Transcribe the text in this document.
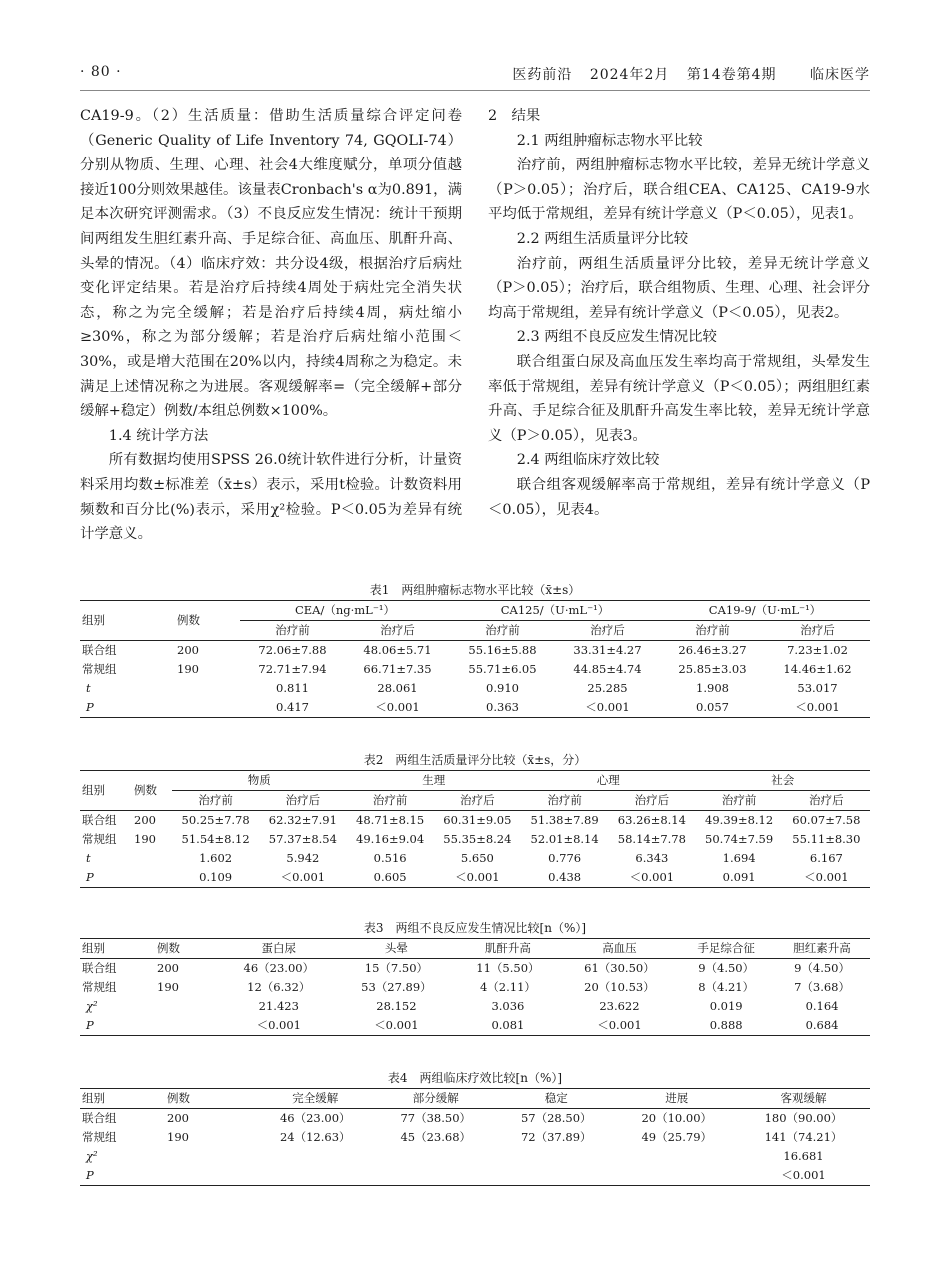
· 80 ·	医药前沿 2024年2月 第14卷第4期 临床医学

CA19-9。（2）生活质量：借助生活质量综合评定问卷（Generic Quality of Life Inventory 74, GQOLI-74）分别从物质、生理、心理、社会4大维度赋分，单项分值越接近100分则效果越佳。该量表Cronbach's α为0.891，满足本次研究评测需求。（3）不良反应发生情况：统计干预期间两组发生胆红素升高、手足综合征、高血压、肌酐升高、头晕的情况。（4）临床疗效：共分设4级，根据治疗后病灶变化评定结果。若是治疗后持续4周处于病灶完全消失状态，称之为完全缓解；若是治疗后持续4周，病灶缩小≥30%，称之为部分缓解；若是治疗后病灶缩小范围＜30%，或是增大范围在20%以内，持续4周称之为稳定。未满足上述情况称之为进展。客观缓解率=（完全缓解+部分缓解+稳定）例数/本组总例数×100%。

1.4 统计学方法

所有数据均使用SPSS 26.0统计软件进行分析，计量资料采用均数±标准差（x̄±s）表示，采用t检验。计数资料用频数和百分比(%)表示，采用χ²检验。P＜0.05为差异有统计学意义。

2　结果

2.1 两组肿瘤标志物水平比较

治疗前，两组肿瘤标志物水平比较，差异无统计学意义（P＞0.05）；治疗后，联合组CEA、CA125、CA19-9水平均低于常规组，差异有统计学意义（P＜0.05），见表1。

2.2 两组生活质量评分比较

治疗前，两组生活质量评分比较，差异无统计学意义（P＞0.05）；治疗后，联合组物质、生理、心理、社会评分均高于常规组，差异有统计学意义（P＜0.05），见表2。

2.3 两组不良反应发生情况比较

联合组蛋白尿及高血压发生率均高于常规组，头晕发生率低于常规组，差异有统计学意义（P＜0.05）；两组胆红素升高、手足综合征及肌酐升高发生率比较，差异无统计学意义（P＞0.05），见表3。

2.4 两组临床疗效比较

联合组客观缓解率高于常规组，差异有统计学意义（P＜0.05），见表4。

表1　两组肿瘤标志物水平比较（x̄±s）
组别	例数	CEA/（ng·mL⁻¹）		CA125/（U·mL⁻¹）		CA19-9/（U·mL⁻¹）	
		治疗前	治疗后	治疗前	治疗后	治疗前	治疗后
联合组	200	72.06±7.88	48.06±5.71	55.16±5.88	33.31±4.27	26.46±3.27	7.23±1.02
常规组	190	72.71±7.94	66.71±7.35	55.71±6.05	44.85±4.74	25.85±3.03	14.46±1.62
t		0.811	28.061	0.910	25.285	1.908	53.017
P		0.417	＜0.001	0.363	＜0.001	0.057	＜0.001
表2　两组生活质量评分比较（x̄±s，分）
组别	例数	物质		生理		心理		社会	
		治疗前	治疗后	治疗前	治疗后	治疗前	治疗后	治疗前	治疗后
联合组	200	50.25±7.78	62.32±7.91	48.71±8.15	60.31±9.05	51.38±7.89	63.26±8.14	49.39±8.12	60.07±7.58
常规组	190	51.54±8.12	57.37±8.54	49.16±9.04	55.35±8.24	52.01±8.14	58.14±7.78	50.74±7.59	55.11±8.30
t		1.602	5.942	0.516	5.650	0.776	6.343	1.694	6.167
P		0.109	＜0.001	0.605	＜0.001	0.438	＜0.001	0.091	＜0.001
表3　两组不良反应发生情况比较[n（%）]
组别	例数	蛋白尿	头晕	肌酐升高	高血压	手足综合征	胆红素升高
联合组	200	46（23.00）	15（7.50）	11（5.50）	61（30.50）	9（4.50）	9（4.50）
常规组	190	12（6.32）	53（27.89）	4（2.11）	20（10.53）	8（4.21）	7（3.68）
χ²		21.423	28.152	3.036	23.622	0.019	0.164
P		＜0.001	＜0.001	0.081	＜0.001	0.888	0.684
表4　两组临床疗效比较[n（%）]
组别	例数	完全缓解	部分缓解	稳定	进展	客观缓解
联合组	200	46（23.00）	77（38.50）	57（28.50）	20（10.00）	180（90.00）
常规组	190	24（12.63）	45（23.68）	72（37.89）	49（25.79）	141（74.21）
χ²						16.681
P						＜0.001
